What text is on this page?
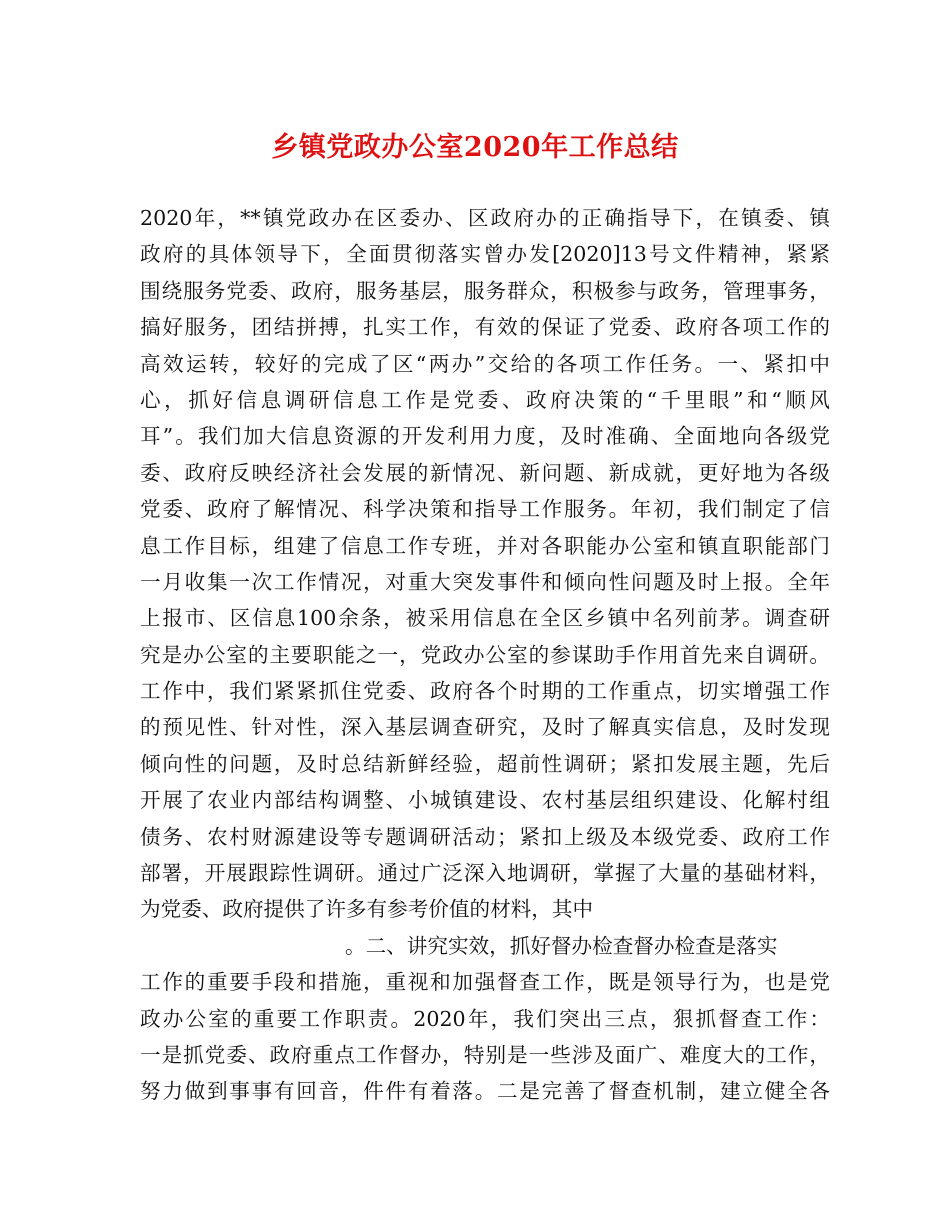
乡镇党政办公室2020年工作总结
2020年，**镇党政办在区委办、区政府办的正确指导下，在镇委、镇
政府的具体领导下，全面贯彻落实曾办发[2020]13号文件精神，紧紧
围绕服务党委、政府，服务基层，服务群众，积极参与政务，管理事务，
搞好服务，团结拼搏，扎实工作，有效的保证了党委、政府各项工作的
高效运转，较好的完成了区“两办”交给的各项工作任务。一、紧扣中
心，抓好信息调研信息工作是党委、政府决策的“千里眼”和“顺风
耳”。我们加大信息资源的开发利用力度，及时准确、全面地向各级党
委、政府反映经济社会发展的新情况、新问题、新成就，更好地为各级
党委、政府了解情况、科学决策和指导工作服务。年初，我们制定了信
息工作目标，组建了信息工作专班，并对各职能办公室和镇直职能部门
一月收集一次工作情况，对重大突发事件和倾向性问题及时上报。全年
上报市、区信息100余条，被采用信息在全区乡镇中名列前茅。调查研
究是办公室的主要职能之一，党政办公室的参谋助手作用首先来自调研。
工作中，我们紧紧抓住党委、政府各个时期的工作重点，切实增强工作
的预见性、针对性，深入基层调查研究，及时了解真实信息，及时发现
倾向性的问题，及时总结新鲜经验，超前性调研；紧扣发展主题，先后
开展了农业内部结构调整、小城镇建设、农村基层组织建设、化解村组
债务、农村财源建设等专题调研活动；紧扣上级及本级党委、政府工作
部署，开展跟踪性调研。通过广泛深入地调研，掌握了大量的基础材料，
为党委、政府提供了许多有参考价值的材料，其中
。二、讲究实效，抓好督办检查督办检查是落实
工作的重要手段和措施，重视和加强督查工作，既是领导行为，也是党
政办公室的重要工作职责。2020年，我们突出三点，狠抓督查工作：
一是抓党委、政府重点工作督办，特别是一些涉及面广、难度大的工作，
努力做到事事有回音，件件有着落。二是完善了督查机制，建立健全各
